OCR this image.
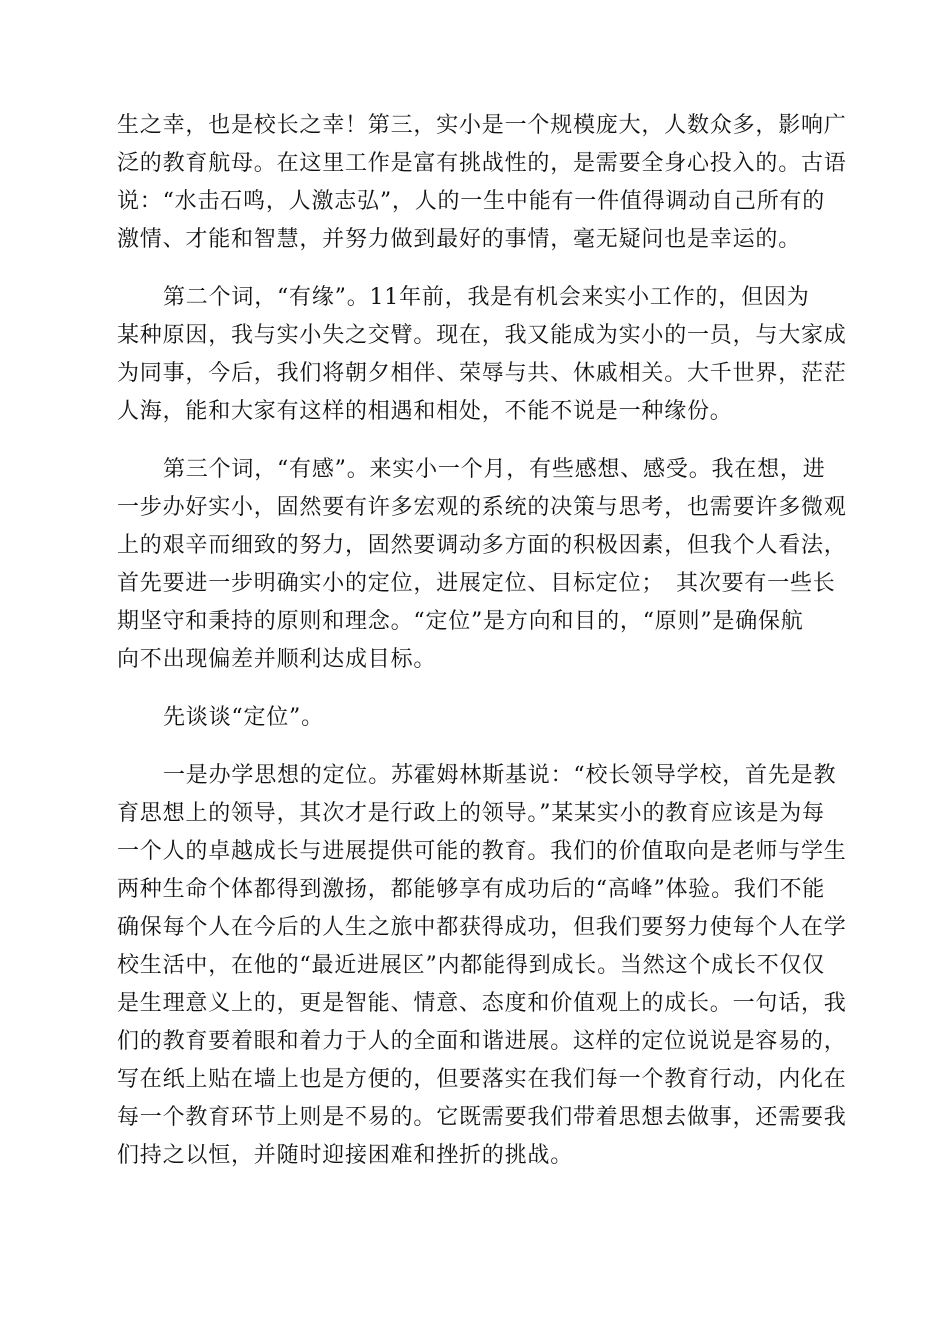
生之幸，也是校长之幸！第三，实小是一个规模庞大，人数众多，影响广
泛的教育航母。在这里工作是富有挑战性的，是需要全身心投入的。古语
说：“水击石鸣，人激志弘”，人的一生中能有一件值得调动自己所有的
激情、才能和智慧，并努力做到最好的事情，毫无疑问也是幸运的。

第二个词，“有缘”。11年前，我是有机会来实小工作的，但因为
某种原因，我与实小失之交臂。现在，我又能成为实小的一员，与大家成
为同事，今后，我们将朝夕相伴、荣辱与共、休戚相关。大千世界，茫茫
人海，能和大家有这样的相遇和相处，不能不说是一种缘份。

第三个词，“有感”。来实小一个月，有些感想、感受。我在想，进
一步办好实小，固然要有许多宏观的系统的决策与思考，也需要许多微观
上的艰辛而细致的努力，固然要调动多方面的积极因素，但我个人看法，
首先要进一步明确实小的定位，进展定位、目标定位；　其次要有一些长
期坚守和秉持的原则和理念。“定位”是方向和目的，“原则”是确保航
向不出现偏差并顺利达成目标。

先谈谈“定位”。

一是办学思想的定位。苏霍姆林斯基说：“校长领导学校，首先是教
育思想上的领导，其次才是行政上的领导。”某某实小的教育应该是为每
一个人的卓越成长与进展提供可能的教育。我们的价值取向是老师与学生
两种生命个体都得到激扬，都能够享有成功后的“高峰”体验。我们不能
确保每个人在今后的人生之旅中都获得成功，但我们要努力使每个人在学
校生活中，在他的“最近进展区”内都能得到成长。当然这个成长不仅仅
是生理意义上的，更是智能、情意、态度和价值观上的成长。一句话，我
们的教育要着眼和着力于人的全面和谐进展。这样的定位说说是容易的，
写在纸上贴在墙上也是方便的，但要落实在我们每一个教育行动，内化在
每一个教育环节上则是不易的。它既需要我们带着思想去做事，还需要我
们持之以恒，并随时迎接困难和挫折的挑战。
